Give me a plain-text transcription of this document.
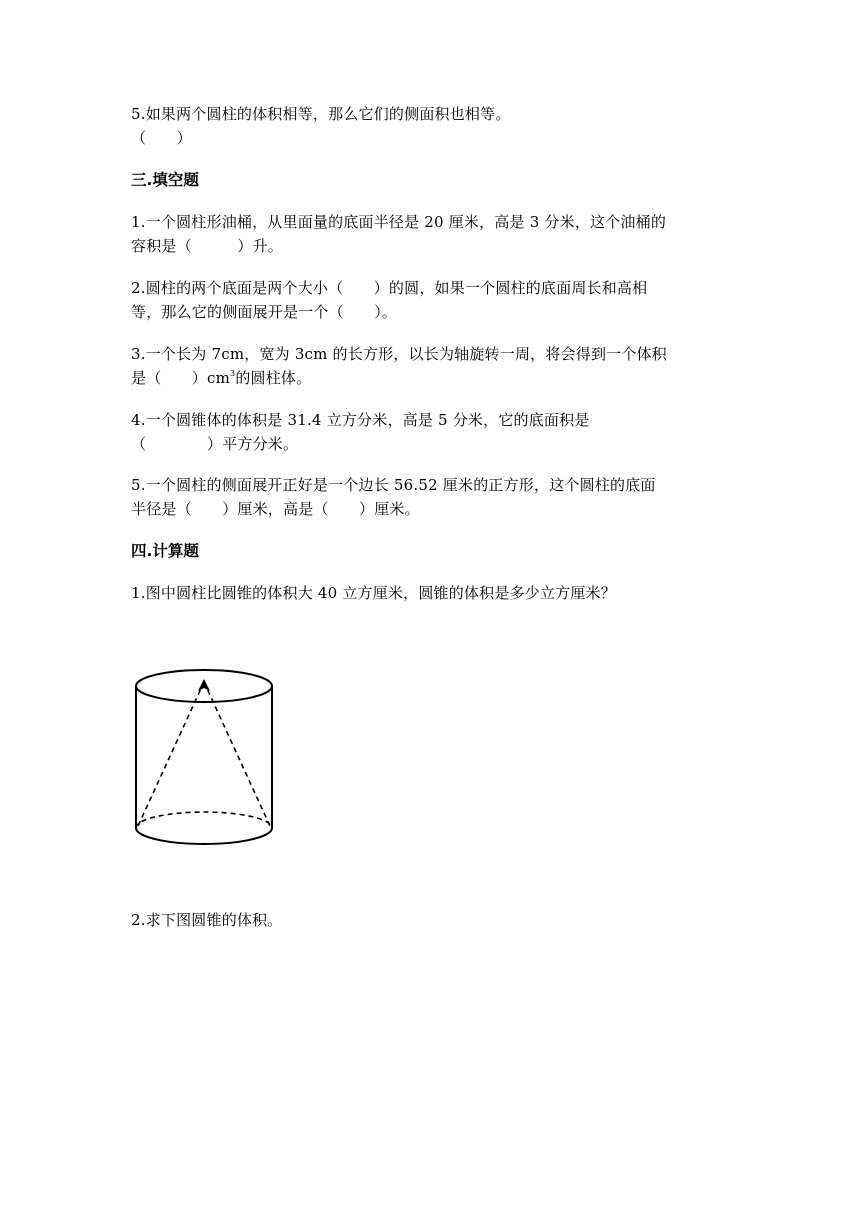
5.如果两个圆柱的体积相等，那么它们的侧面积也相等。
（　　）
三.填空题
1.一个圆柱形油桶，从里面量的底面半径是 20 厘米，高是 3 分米，这个油桶的
容积是（　　　）升。
2.圆柱的两个底面是两个大小（　　）的圆，如果一个圆柱的底面周长和高相
等，那么它的侧面展开是一个（　　）。
3.一个长为 7cm，宽为 3cm 的长方形，以长为轴旋转一周，将会得到一个体积
是（　　）$cm^3$的圆柱体。
4.一个圆锥体的体积是 31.4 立方分米，高是 5 分米，它的底面积是
（　　　　）平方分米。
5.一个圆柱的侧面展开正好是一个边长 56.52 厘米的正方形，这个圆柱的底面
半径是（　　）厘米，高是（　　）厘米。
四.计算题
1.图中圆柱比圆锥的体积大 40 立方厘米，圆锥的体积是多少立方厘米？
2.求下图圆锥的体积。
